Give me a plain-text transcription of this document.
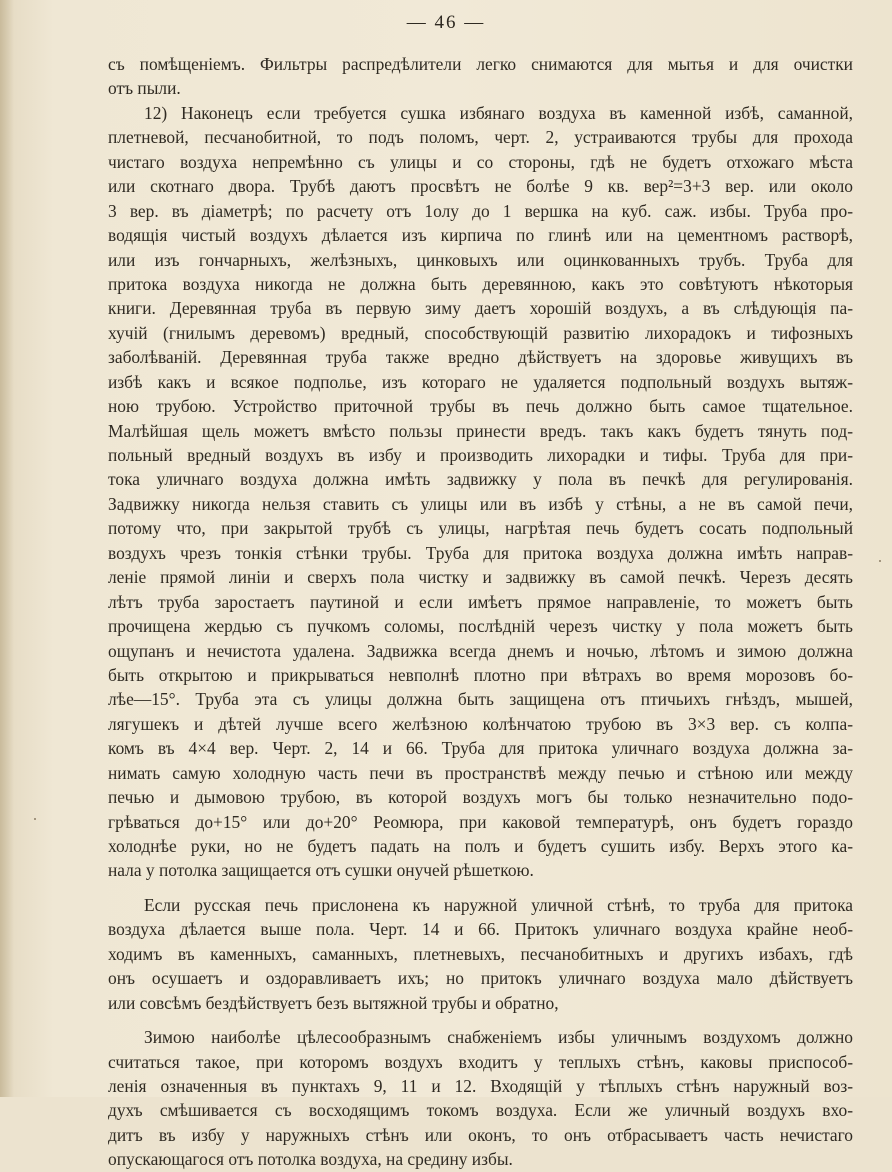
— 46 —
съ помѣщеніемъ. Фильтры распредѣлители легко снимаются для мытья и для очистки
отъ пыли.
12) Наконецъ если требуется сушка избянаго воздуха въ каменной избѣ, саманной,
плетневой, песчанобитной, то подъ поломъ, черт. 2, устраиваются трубы для прохода
чистаго воздуха непремѣнно съ улицы и со стороны, гдѣ не будетъ отхожаго мѣста
или скотнаго двора. Трубѣ даютъ просвѣтъ не болѣе 9 кв. вер²=3+3 вер. или около
3 вер. въ діаметрѣ; по расчету отъ 1олу до 1 вершка на куб. саж. избы. Труба про-
водящія чистый воздухъ дѣлается изъ кирпича по глинѣ или на цементномъ растворѣ,
или изъ гончарныхъ, желѣзныхъ, цинковыхъ или оцинкованныхъ трубъ. Труба для
притока воздуха никогда не должна быть деревянною, какъ это совѣтуютъ нѣкоторыя
книги. Деревянная труба въ первую зиму даетъ хорошій воздухъ, а въ слѣдующія па-
хучій (гнилымъ деревомъ) вредный, способствующій развитію лихорадокъ и тифозныхъ
заболѣваній. Деревянная труба также вредно дѣйствуетъ на здоровье живущихъ въ
избѣ какъ и всякое подполье, изъ котораго не удаляется подпольный воздухъ вытяж-
ною трубою. Устройство приточной трубы въ печь должно быть самое тщательное.
Малѣйшая щель можетъ вмѣсто пользы принести вредъ. такъ какъ будетъ тянуть под-
польный вредный воздухъ въ избу и производить лихорадки и тифы. Труба для при-
тока уличнаго воздуха должна имѣть задвижку у пола въ печкѣ для регулированія.
Задвижку никогда нельзя ставить съ улицы или въ избѣ у стѣны, а не въ самой печи,
потому что, при закрытой трубѣ съ улицы, нагрѣтая печь будетъ сосать подпольный
воздухъ чрезъ тонкія стѣнки трубы. Труба для притока воздуха должна имѣть направ-
леніе прямой линіи и сверхъ пола чистку и задвижку въ самой печкѣ. Черезъ десять
лѣтъ труба заростаетъ паутиной и если имѣетъ прямое направленіе, то можетъ быть
прочищена жердью съ пучкомъ соломы, послѣдній черезъ чистку у пола можетъ быть
ощупанъ и нечистота удалена. Задвижка всегда днемъ и ночью, лѣтомъ и зимою должна
быть открытою и прикрываться невполнѣ плотно при вѣтрахъ во время морозовъ бо-
лѣе—15°. Труба эта съ улицы должна быть защищена отъ птичьихъ гнѣздъ, мышей,
лягушекъ и дѣтей лучше всего желѣзною колѣнчатою трубою въ 3×3 вер. съ колпа-
комъ въ 4×4 вер. Черт. 2, 14 и 66. Труба для притока уличнаго воздуха должна за-
нимать самую холодную часть печи въ пространствѣ между печью и стѣною или между
печью и дымовою трубою, въ которой воздухъ могъ бы только незначительно подо-
грѣваться до+15° или до+20° Реомюра, при каковой температурѣ, онъ будетъ гораздо
холоднѣе руки, но не будетъ падать на полъ и будетъ сушить избу. Верхъ этого ка-
нала у потолка защищается отъ сушки онучей рѣшеткою.
Если русская печь прислонена къ наружной уличной стѣнѣ, то труба для притока
воздуха дѣлается выше пола. Черт. 14 и 66. Притокъ уличнаго воздуха крайне необ-
ходимъ въ каменныхъ, саманныхъ, плетневыхъ, песчанобитныхъ и другихъ избахъ, гдѣ
онъ осушаетъ и оздоравливаетъ ихъ; но притокъ уличнаго воздуха мало дѣйствуетъ
или совсѣмъ бездѣйствуетъ безъ вытяжной трубы и обратно,
Зимою наиболѣе цѣлесообразнымъ снабженіемъ избы уличнымъ воздухомъ должно
считаться такое, при которомъ воздухъ входитъ у теплыхъ стѣнъ, каковы приспособ-
ленія означенныя въ пунктахъ 9, 11 и 12. Входящій у тѣплыхъ стѣнъ наружный воз-
духъ смѣшивается съ восходящимъ токомъ воздуха. Если же уличный воздухъ вхо-
дитъ въ избу у наружныхъ стѣнъ или оконъ, то онъ отбрасываетъ часть нечистаго
опускающагося отъ потолка воздуха, на средину избы.
